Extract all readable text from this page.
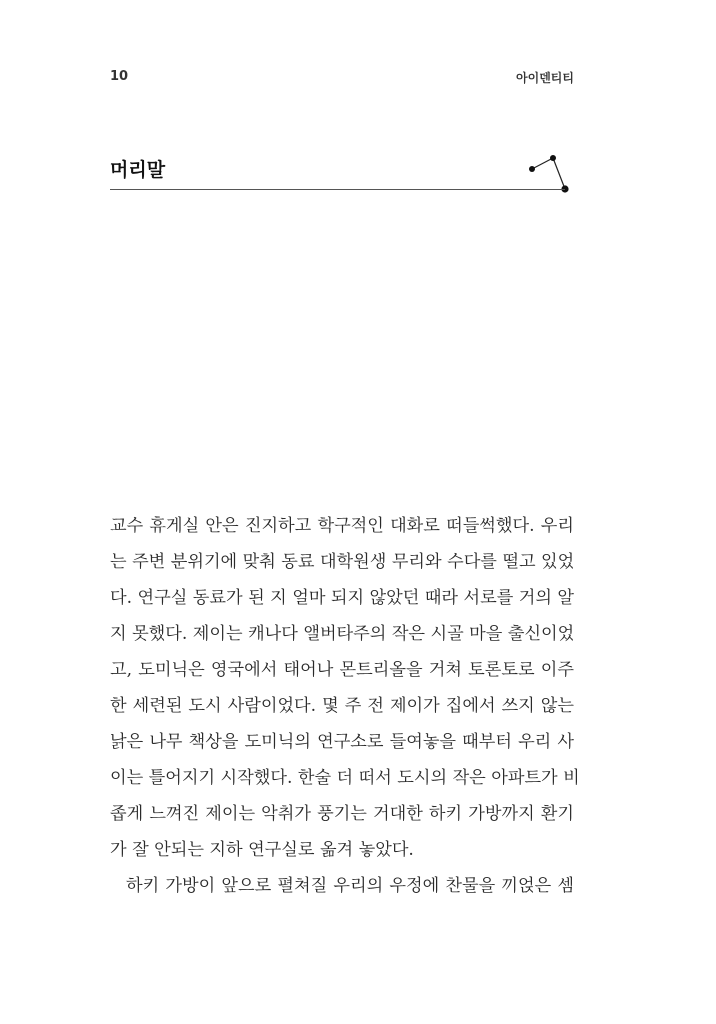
10	아이덴티티
머리말
교수 휴게실 안은 진지하고 학구적인 대화로 떠들썩했다. 우리
는 주변 분위기에 맞춰 동료 대학원생 무리와 수다를 떨고 있었
다. 연구실 동료가 된 지 얼마 되지 않았던 때라 서로를 거의 알
지 못했다. 제이는 캐나다 앨버타주의 작은 시골 마을 출신이었
고, 도미닉은 영국에서 태어나 몬트리올을 거쳐 토론토로 이주
한 세련된 도시 사람이었다. 몇 주 전 제이가 집에서 쓰지 않는
낡은 나무 책상을 도미닉의 연구소로 들여놓을 때부터 우리 사
이는 틀어지기 시작했다. 한술 더 떠서 도시의 작은 아파트가 비
좁게 느껴진 제이는 악취가 풍기는 거대한 하키 가방까지 환기
가 잘 안되는 지하 연구실로 옮겨 놓았다.
하키 가방이 앞으로 펼쳐질 우리의 우정에 찬물을 끼얹은 셈
